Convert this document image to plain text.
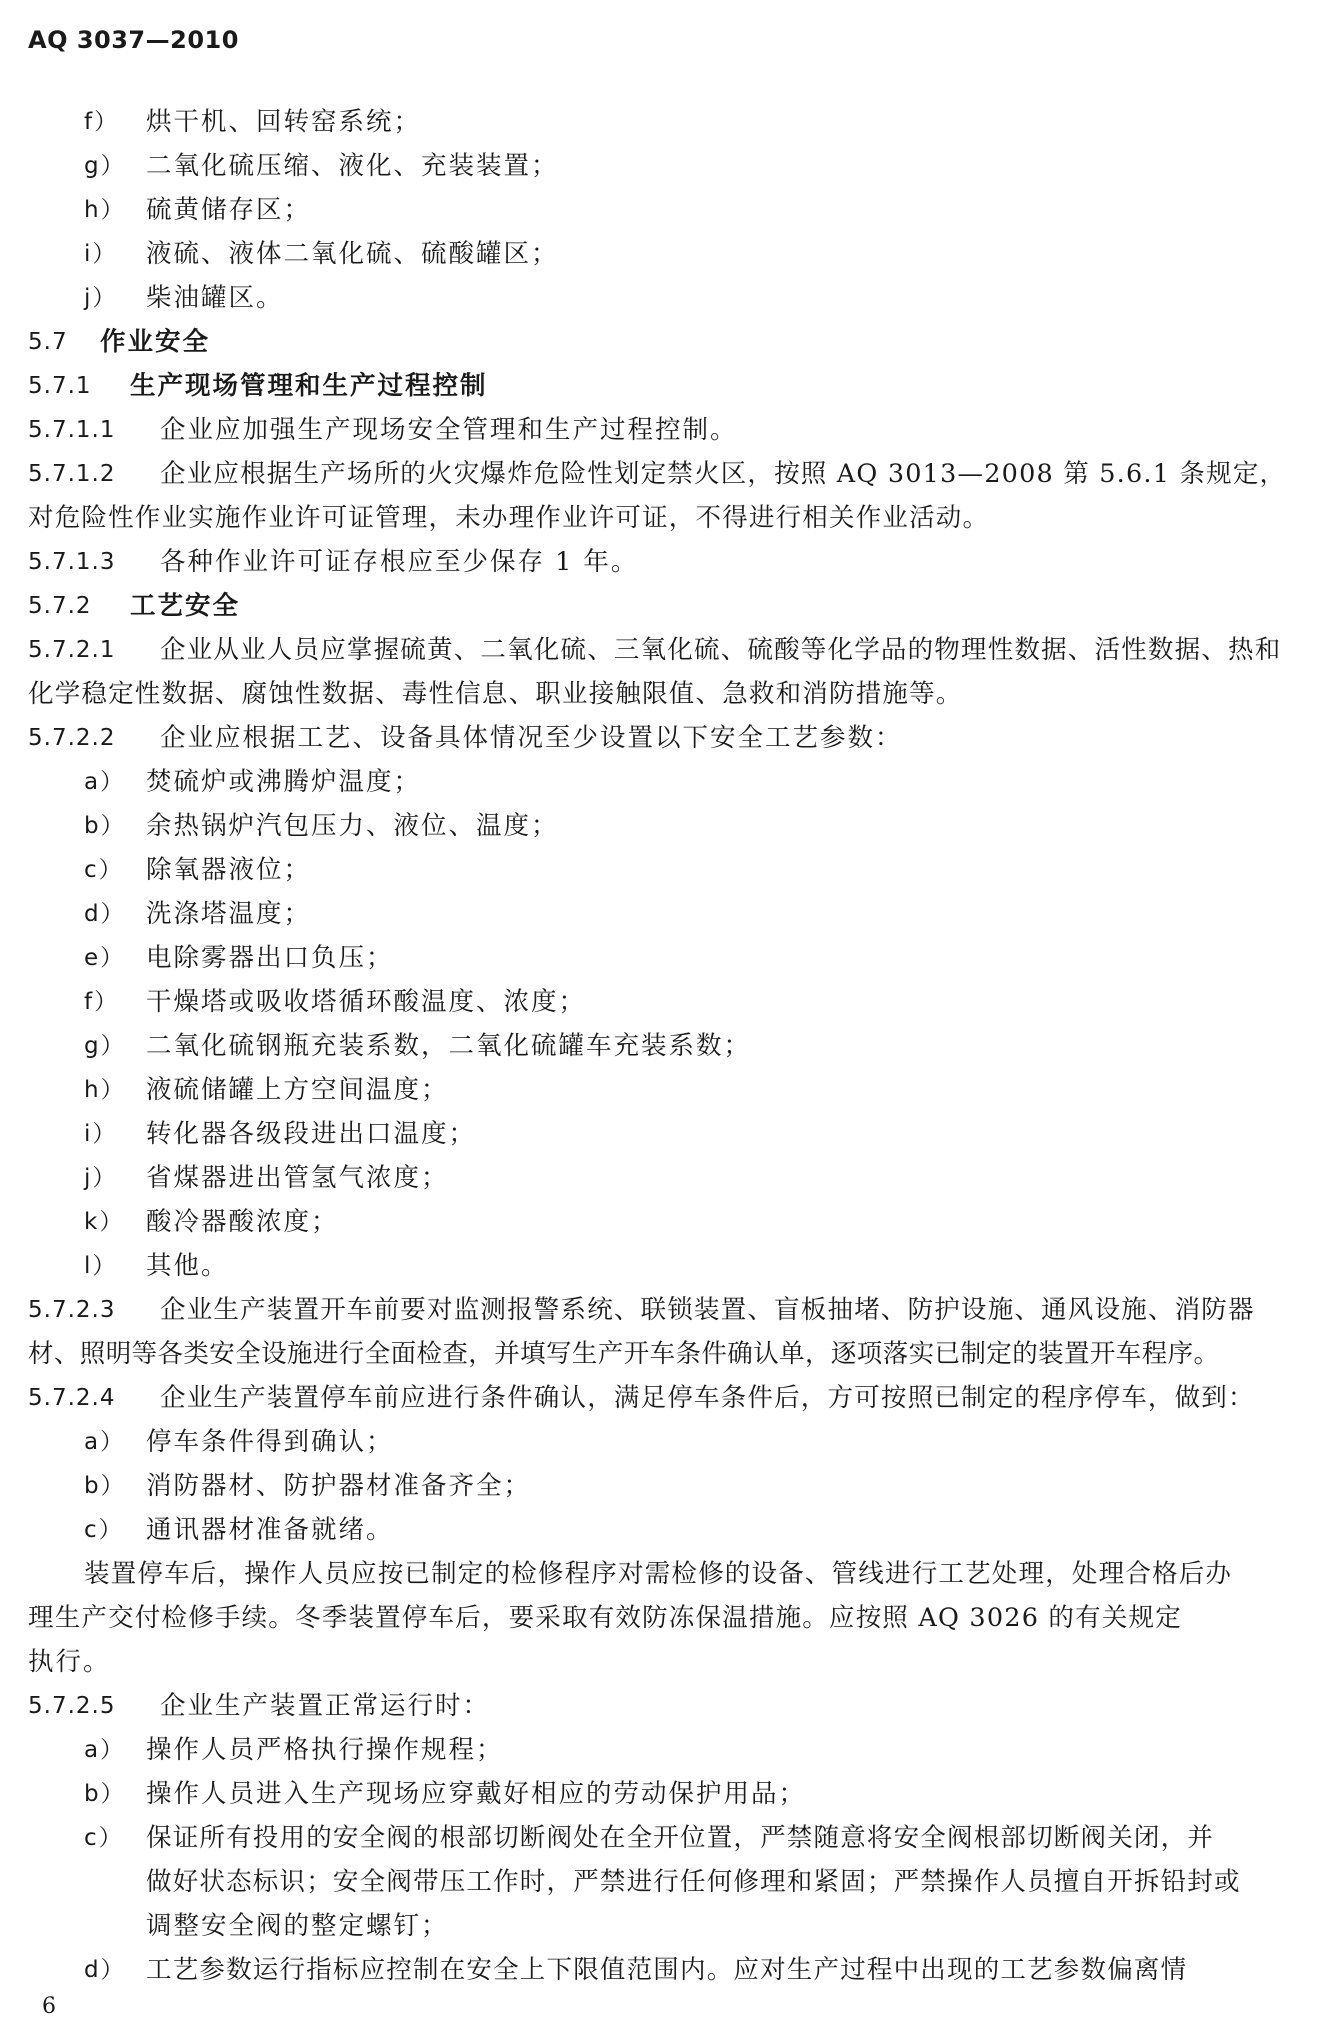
AQ 3037—2010
f） 烘干机、回转窑系统；
g） 二氧化硫压缩、液化、充装装置；
h） 硫黄储存区；
i） 液硫、液体二氧化硫、硫酸罐区；
j） 柴油罐区。
5.7 作业安全
5.7.1 生产现场管理和生产过程控制
5.7.1.1 企业应加强生产现场安全管理和生产过程控制。
5.7.1.2 企业应根据生产场所的火灾爆炸危险性划定禁火区，按照 AQ 3013—2008 第 5.6.1 条规定，
对危险性作业实施作业许可证管理，未办理作业许可证，不得进行相关作业活动。
5.7.1.3 各种作业许可证存根应至少保存 1 年。
5.7.2 工艺安全
5.7.2.1 企业从业人员应掌握硫黄、二氧化硫、三氧化硫、硫酸等化学品的物理性数据、活性数据、热和
化学稳定性数据、腐蚀性数据、毒性信息、职业接触限值、急救和消防措施等。
5.7.2.2 企业应根据工艺、设备具体情况至少设置以下安全工艺参数：
a） 焚硫炉或沸腾炉温度；
b） 余热锅炉汽包压力、液位、温度；
c） 除氧器液位；
d） 洗涤塔温度；
e） 电除雾器出口负压；
f） 干燥塔或吸收塔循环酸温度、浓度；
g） 二氧化硫钢瓶充装系数，二氧化硫罐车充装系数；
h） 液硫储罐上方空间温度；
i） 转化器各级段进出口温度；
j） 省煤器进出管氢气浓度；
k） 酸冷器酸浓度；
l） 其他。
5.7.2.3 企业生产装置开车前要对监测报警系统、联锁装置、盲板抽堵、防护设施、通风设施、消防器
材、照明等各类安全设施进行全面检查，并填写生产开车条件确认单，逐项落实已制定的装置开车程序。
5.7.2.4 企业生产装置停车前应进行条件确认，满足停车条件后，方可按照已制定的程序停车，做到：
a） 停车条件得到确认；
b） 消防器材、防护器材准备齐全；
c） 通讯器材准备就绪。
装置停车后，操作人员应按已制定的检修程序对需检修的设备、管线进行工艺处理，处理合格后办
理生产交付检修手续。冬季装置停车后，要采取有效防冻保温措施。应按照 AQ 3026 的有关规定
执行。
5.7.2.5 企业生产装置正常运行时：
a） 操作人员严格执行操作规程；
b） 操作人员进入生产现场应穿戴好相应的劳动保护用品；
c） 保证所有投用的安全阀的根部切断阀处在全开位置，严禁随意将安全阀根部切断阀关闭，并
做好状态标识；安全阀带压工作时，严禁进行任何修理和紧固；严禁操作人员擅自开拆铅封或
调整安全阀的整定螺钉；
d） 工艺参数运行指标应控制在安全上下限值范围内。应对生产过程中出现的工艺参数偏离情
6
